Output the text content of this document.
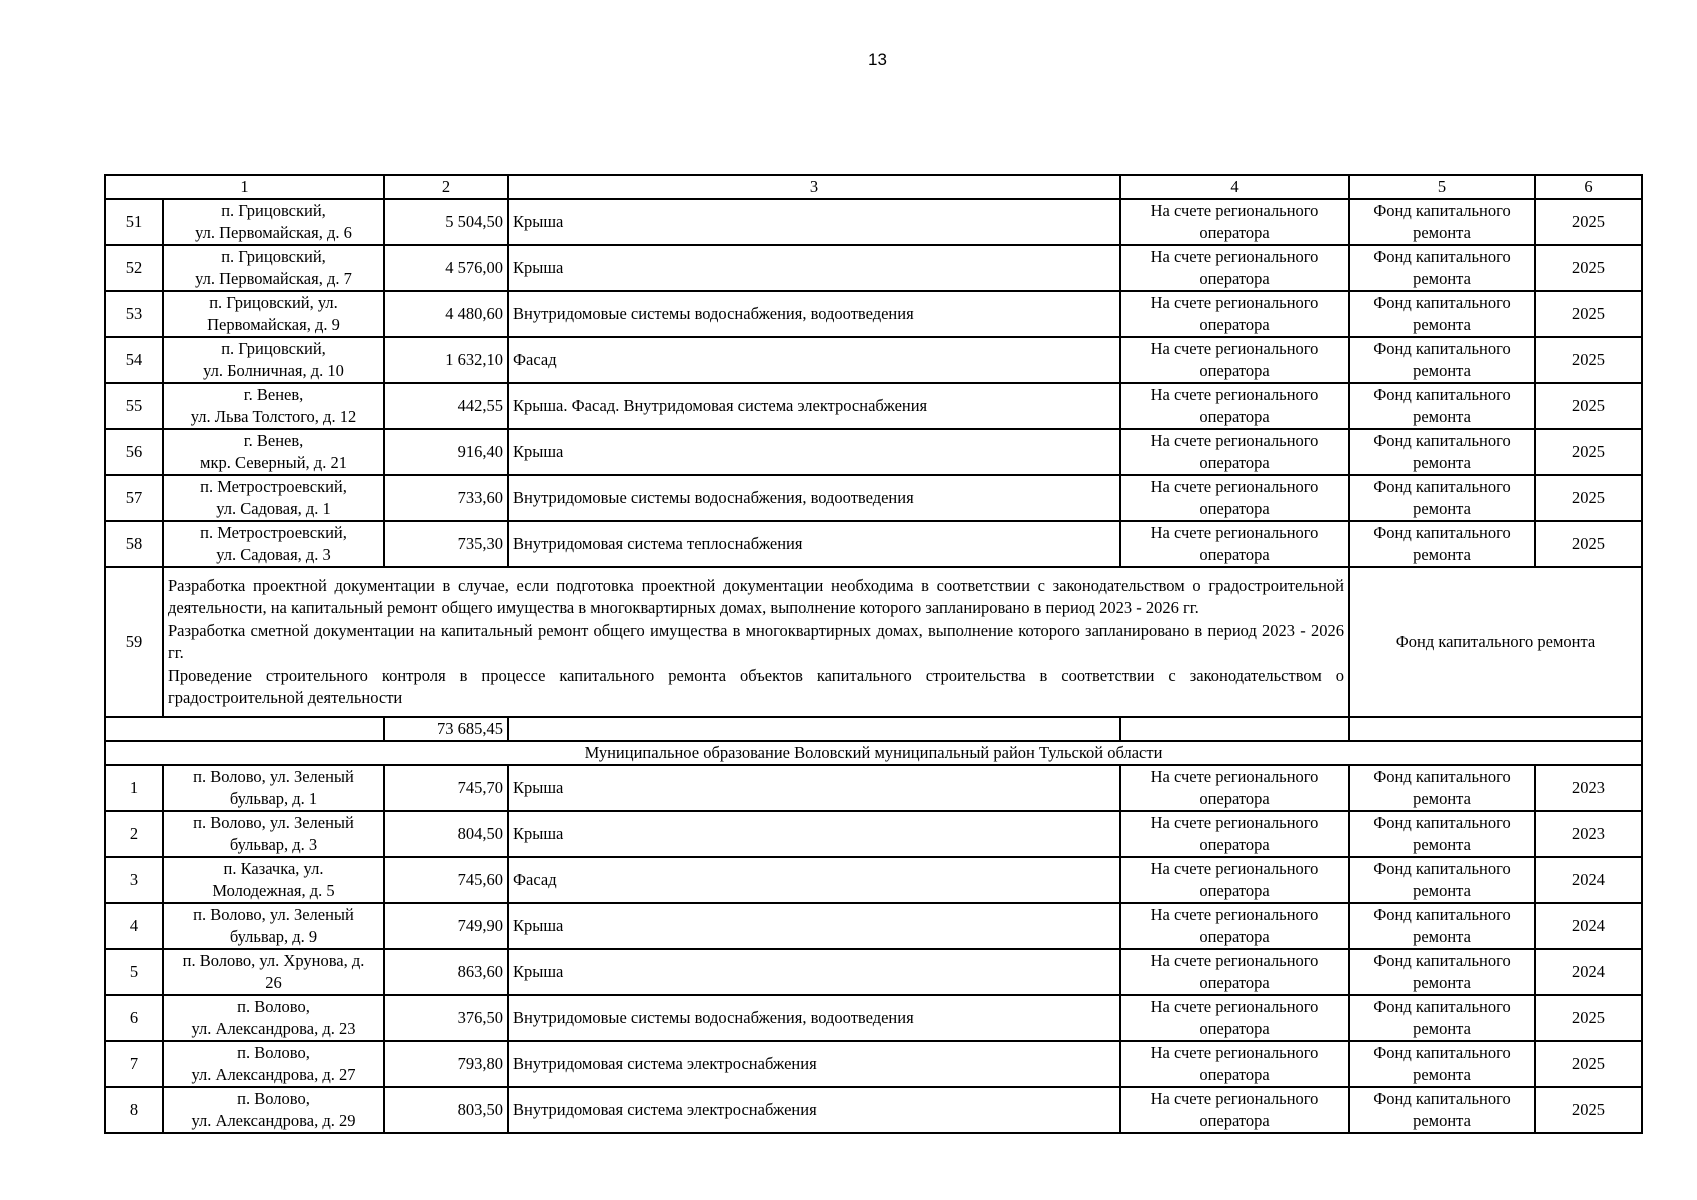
13
1		2	3	4	5	6
51	п. Грицовский,
ул. Первомайская, д. 6	5 504,50	Крыша	На счете регионального
оператора	Фонд капитального
ремонта	2025
52	п. Грицовский,
ул. Первомайская, д. 7	4 576,00	Крыша	На счете регионального
оператора	Фонд капитального
ремонта	2025
53	п. Грицовский, ул.
Первомайская, д. 9	4 480,60	Внутридомовые системы водоснабжения, водоотведения	На счете регионального
оператора	Фонд капитального
ремонта	2025
54	п. Грицовский,
ул. Болничная, д. 10	1 632,10	Фасад	На счете регионального
оператора	Фонд капитального
ремонта	2025
55	г. Венев,
ул. Льва Толстого, д. 12	442,55	Крыша. Фасад. Внутридомовая система электроснабжения	На счете регионального
оператора	Фонд капитального
ремонта	2025
56	г. Венев,
мкр. Северный, д. 21	916,40	Крыша	На счете регионального
оператора	Фонд капитального
ремонта	2025
57	п. Метростроевский,
ул. Садовая, д. 1	733,60	Внутридомовые системы водоснабжения, водоотведения	На счете регионального
оператора	Фонд капитального
ремонта	2025
58	п. Метростроевский,
ул. Садовая, д. 3	735,30	Внутридомовая система теплоснабжения	На счете регионального
оператора	Фонд капитального
ремонта	2025
59	Разработка проектной документации в случае, если подготовка проектной документации необходима в соответствии с законодательством о градостроительной деятельности, на капитальный ремонт общего имущества в многоквартирных домах, выполнение которого запланировано в период 2023 - 2026 гг.

Разработка сметной документации на капитальный ремонт общего имущества в многоквартирных домах, выполнение которого запланировано в период 2023 - 2026 гг.

Проведение строительного контроля в процессе капитального ремонта объектов капитального строительства в соответствии с законодательством о градостроительной деятельности				Фонд капитального ремонта	
		73 685,45				
Муниципальное образование Воловский муниципальный район Тульской области						
1	п. Волово, ул. Зеленый
бульвар, д. 1	745,70	Крыша	На счете регионального
оператора	Фонд капитального
ремонта	2023
2	п. Волово, ул. Зеленый
бульвар, д. 3	804,50	Крыша	На счете регионального
оператора	Фонд капитального
ремонта	2023
3	п. Казачка, ул.
Молодежная, д. 5	745,60	Фасад	На счете регионального
оператора	Фонд капитального
ремонта	2024
4	п. Волово, ул. Зеленый
бульвар, д. 9	749,90	Крыша	На счете регионального
оператора	Фонд капитального
ремонта	2024
5	п. Волово, ул. Хрунова, д.
26	863,60	Крыша	На счете регионального
оператора	Фонд капитального
ремонта	2024
6	п. Волово,
ул. Александрова, д. 23	376,50	Внутридомовые системы водоснабжения, водоотведения	На счете регионального
оператора	Фонд капитального
ремонта	2025
7	п. Волово,
ул. Александрова, д. 27	793,80	Внутридомовая система электроснабжения	На счете регионального
оператора	Фонд капитального
ремонта	2025
8	п. Волово,
ул. Александрова, д. 29	803,50	Внутридомовая система электроснабжения	На счете регионального
оператора	Фонд капитального
ремонта	2025
